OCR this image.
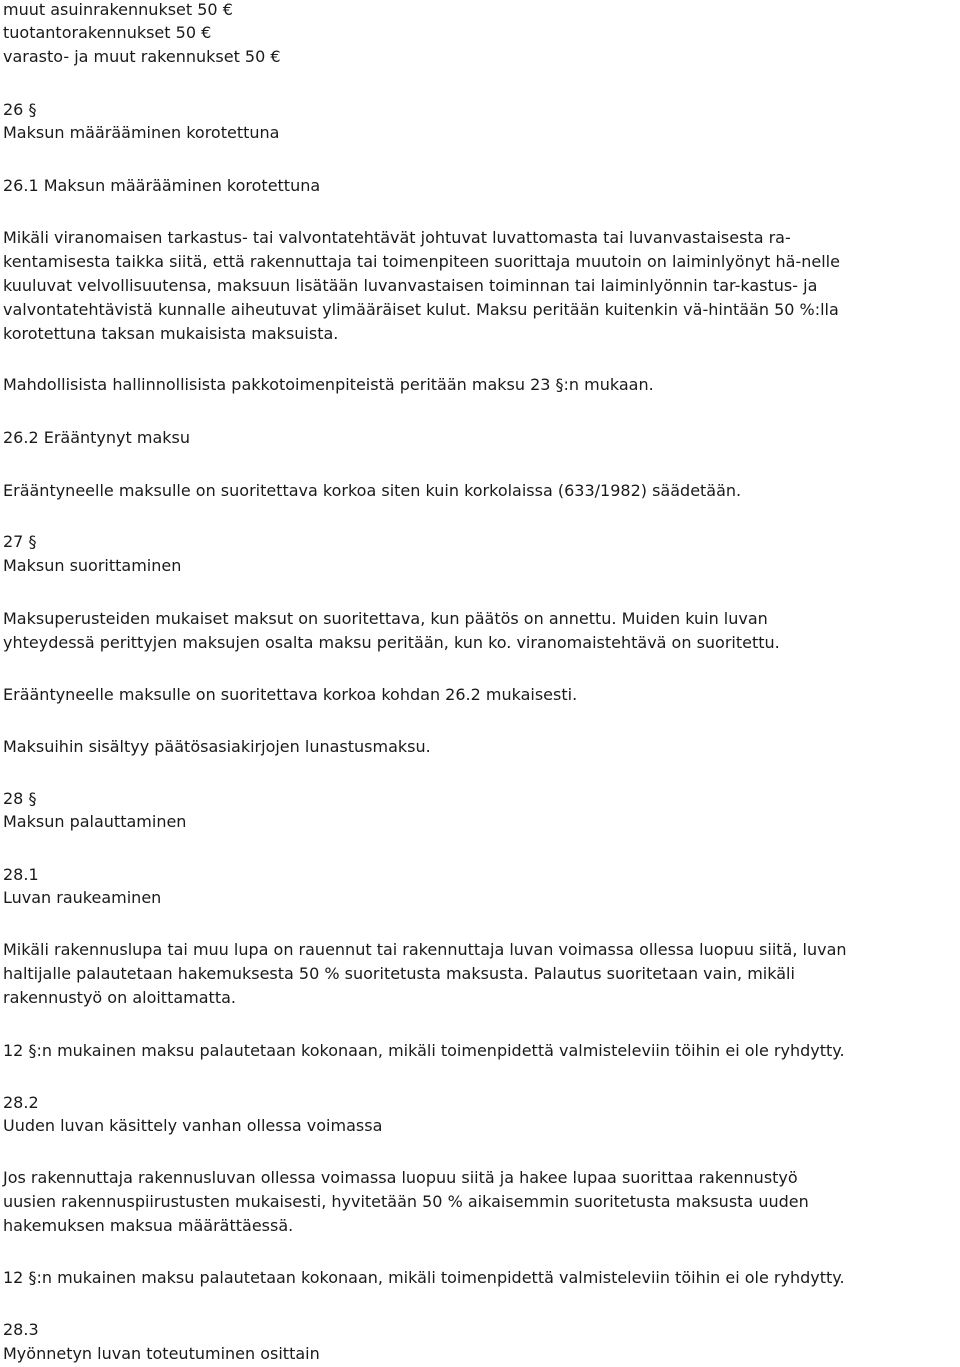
muut asuinrakennukset 50 €
tuotantorakennukset 50 €
varasto- ja muut rakennukset 50 €
26 §
Maksun määrääminen korotettuna
26.1 Maksun määrääminen korotettuna
Mikäli viranomaisen tarkastus- tai valvontatehtävät johtuvat luvattomasta tai luvanvastaisesta ra-
kentamisesta taikka siitä, että rakennuttaja tai toimenpiteen suorittaja muutoin on laiminlyönyt hä-nelle
kuuluvat velvollisuutensa, maksuun lisätään luvanvastaisen toiminnan tai laiminlyönnin tar-kastus- ja
valvontatehtävistä kunnalle aiheutuvat ylimääräiset kulut. Maksu peritään kuitenkin vä-hintään 50 %:lla
korotettuna taksan mukaisista maksuista.
Mahdollisista hallinnollisista pakkotoimenpiteistä peritään maksu 23 §:n mukaan.
26.2 Erääntynyt maksu
Erääntyneelle maksulle on suoritettava korkoa siten kuin korkolaissa (633/1982) säädetään.
27 §
Maksun suorittaminen
Maksuperusteiden mukaiset maksut on suoritettava, kun päätös on annettu. Muiden kuin luvan
yhteydessä perittyjen maksujen osalta maksu peritään, kun ko. viranomaistehtävä on suoritettu.
Erääntyneelle maksulle on suoritettava korkoa kohdan 26.2 mukaisesti.
Maksuihin sisältyy päätösasiakirjojen lunastusmaksu.
28 §
Maksun palauttaminen
28.1
Luvan raukeaminen
Mikäli rakennuslupa tai muu lupa on rauennut tai rakennuttaja luvan voimassa ollessa luopuu siitä, luvan
haltijalle palautetaan hakemuksesta 50 % suoritetusta maksusta. Palautus suoritetaan vain, mikäli
rakennustyö on aloittamatta.
12 §:n mukainen maksu palautetaan kokonaan, mikäli toimenpidettä valmisteleviin töihin ei ole ryhdytty.
28.2
Uuden luvan käsittely vanhan ollessa voimassa
Jos rakennuttaja rakennusluvan ollessa voimassa luopuu siitä ja hakee lupaa suorittaa rakennustyö
uusien rakennuspiirustusten mukaisesti, hyvitetään 50 % aikaisemmin suoritetusta maksusta uuden
hakemuksen maksua määrättäessä.
12 §:n mukainen maksu palautetaan kokonaan, mikäli toimenpidettä valmisteleviin töihin ei ole ryhdytty.
28.3
Myönnetyn luvan toteutuminen osittain
